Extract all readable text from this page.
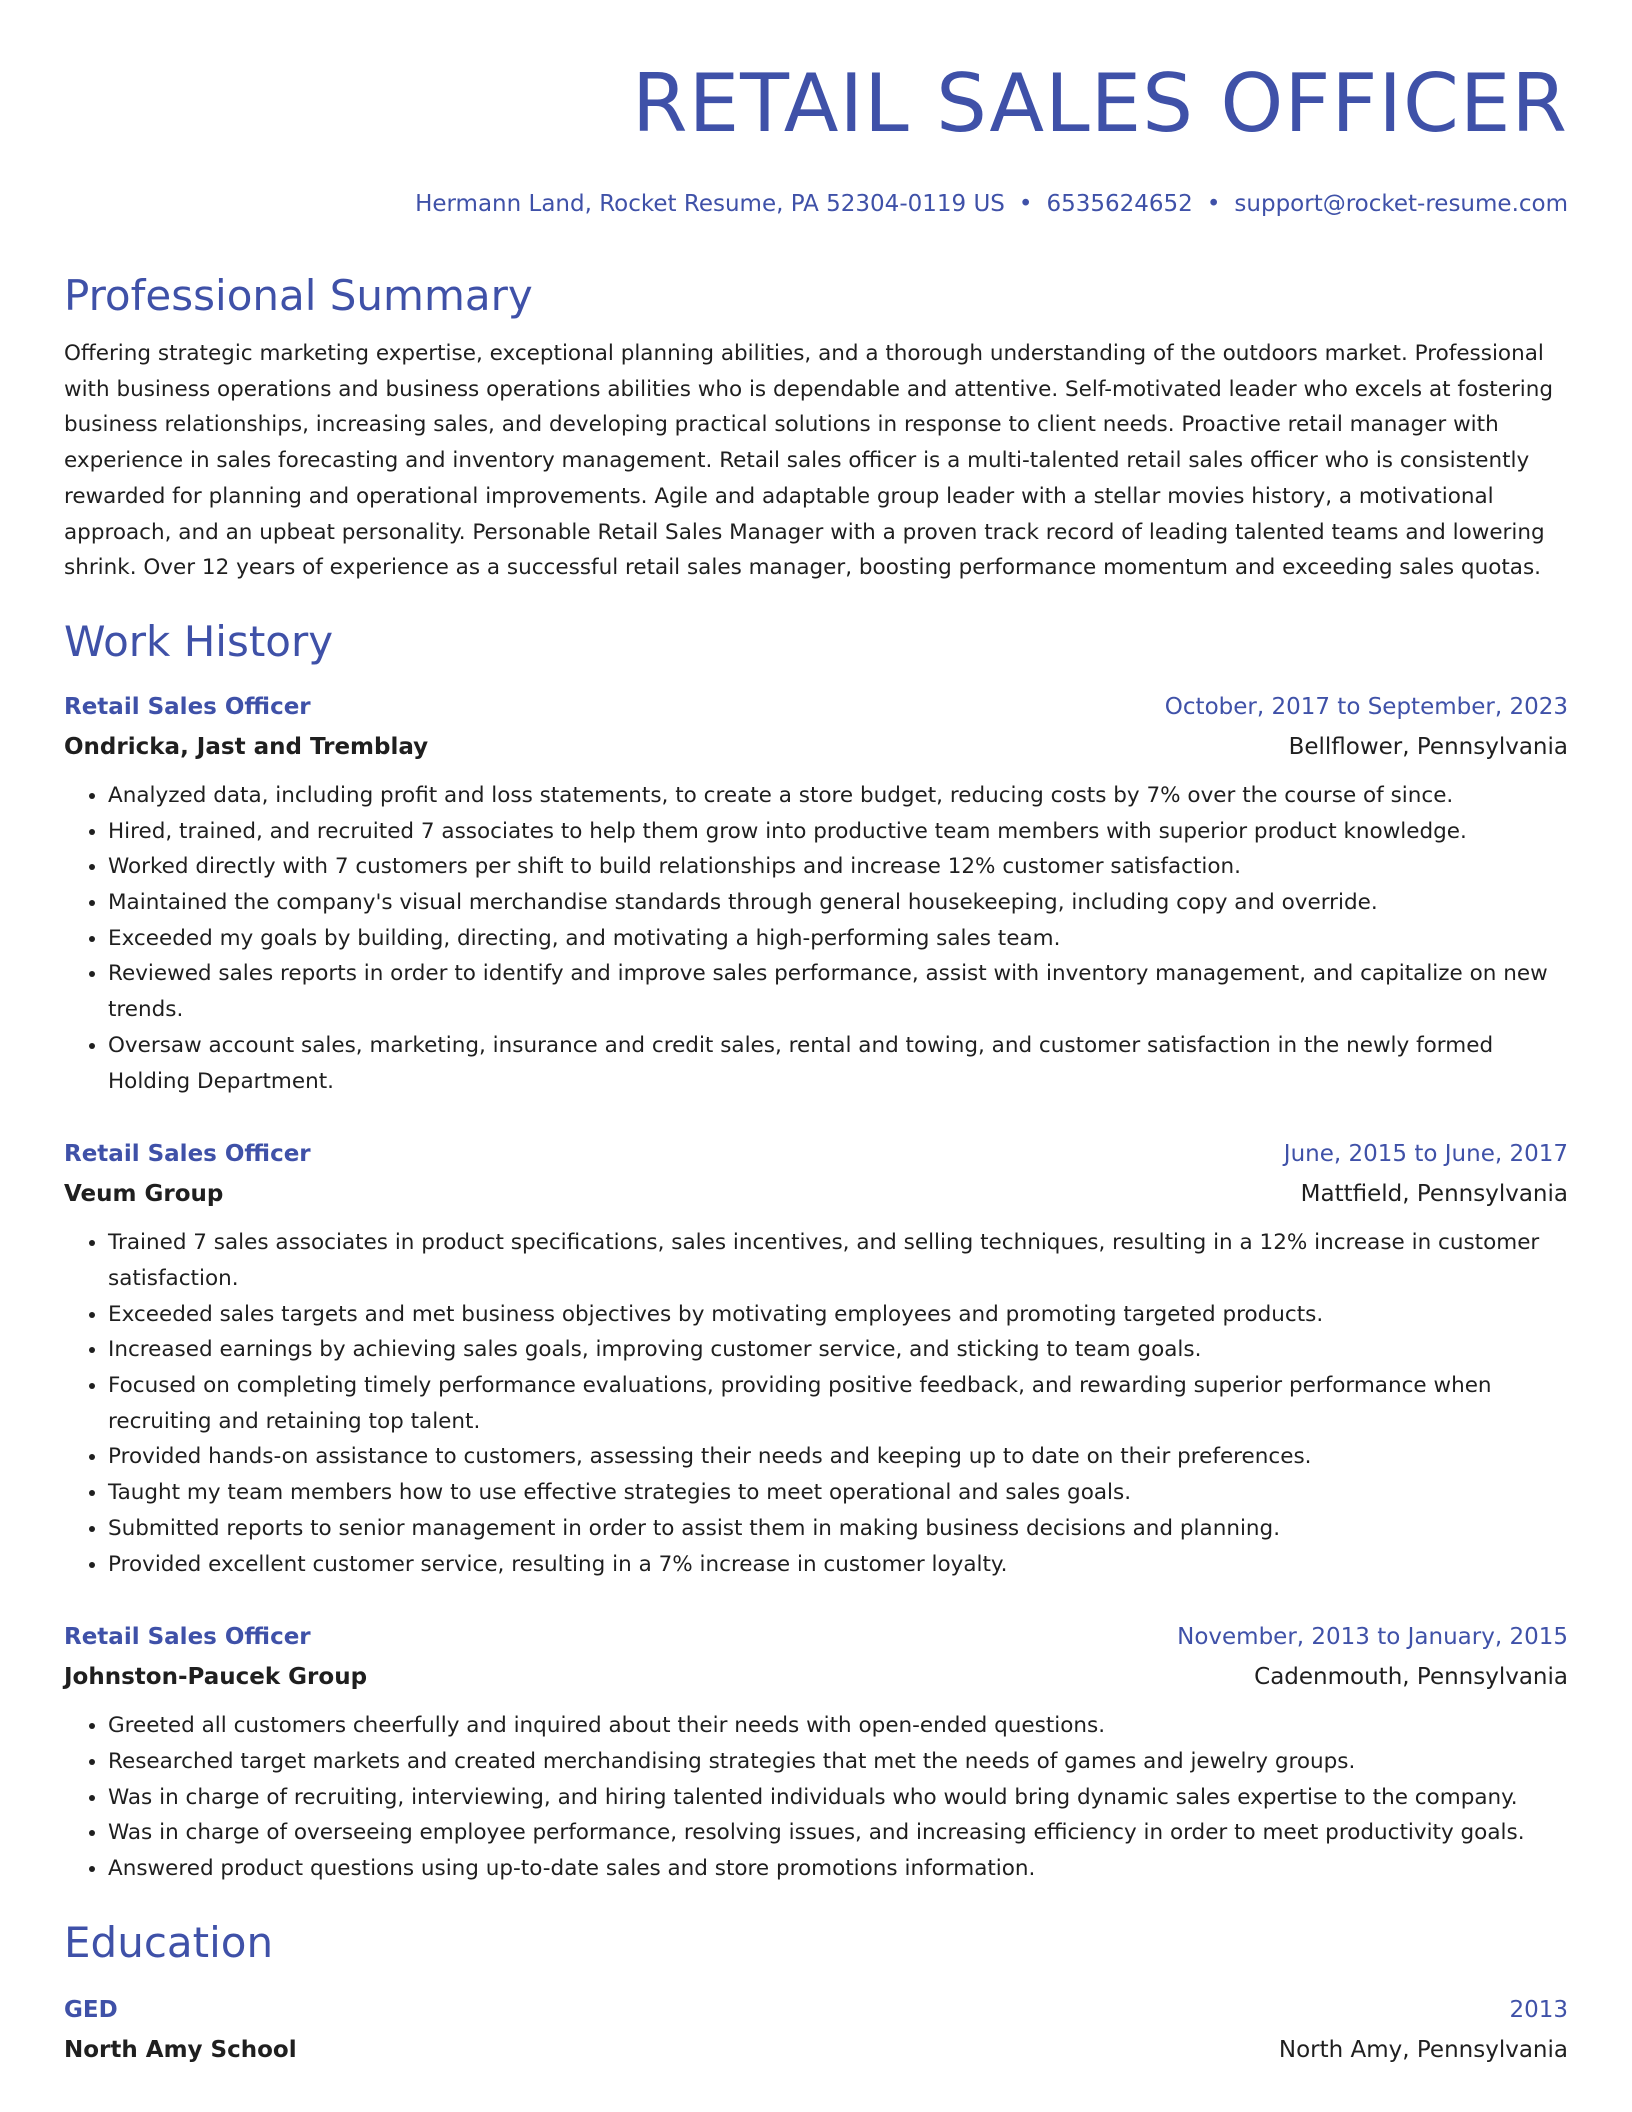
RETAIL SALES OFFICER
Hermann Land, Rocket Resume, PA 52304-0119 US • 6535624652 • support@rocket-resume.com
Professional Summary
Offering strategic marketing expertise, exceptional planning abilities, and a thorough understanding of the outdoors market. Professional with business operations and business operations abilities who is dependable and attentive. Self-motivated leader who excels at fostering business relationships, increasing sales, and developing practical solutions in response to client needs. Proactive retail manager with experience in sales forecasting and inventory management. Retail sales officer is a multi-talented retail sales officer who is consistently rewarded for planning and operational improvements. Agile and adaptable group leader with a stellar movies history, a motivational approach, and an upbeat personality. Personable Retail Sales Manager with a proven track record of leading talented teams and lowering shrink. Over 12 years of experience as a successful retail sales manager, boosting performance momentum and exceeding sales quotas.
Work History
Retail Sales Officer	October, 2017 to September, 2023
Ondricka, Jast and Tremblay	Bellflower, Pennsylvania
• Analyzed data, including profit and loss statements, to create a store budget, reducing costs by 7% over the course of since.
• Hired, trained, and recruited 7 associates to help them grow into productive team members with superior product knowledge.
• Worked directly with 7 customers per shift to build relationships and increase 12% customer satisfaction.
• Maintained the company's visual merchandise standards through general housekeeping, including copy and override.
• Exceeded my goals by building, directing, and motivating a high-performing sales team.
• Reviewed sales reports in order to identify and improve sales performance, assist with inventory management, and capitalize on new trends.
• Oversaw account sales, marketing, insurance and credit sales, rental and towing, and customer satisfaction in the newly formed Holding Department.
Retail Sales Officer	June, 2015 to June, 2017
Veum Group	Mattfield, Pennsylvania
• Trained 7 sales associates in product specifications, sales incentives, and selling techniques, resulting in a 12% increase in customer satisfaction.
• Exceeded sales targets and met business objectives by motivating employees and promoting targeted products.
• Increased earnings by achieving sales goals, improving customer service, and sticking to team goals.
• Focused on completing timely performance evaluations, providing positive feedback, and rewarding superior performance when recruiting and retaining top talent.
• Provided hands-on assistance to customers, assessing their needs and keeping up to date on their preferences.
• Taught my team members how to use effective strategies to meet operational and sales goals.
• Submitted reports to senior management in order to assist them in making business decisions and planning.
• Provided excellent customer service, resulting in a 7% increase in customer loyalty.
Retail Sales Officer	November, 2013 to January, 2015
Johnston-Paucek Group	Cadenmouth, Pennsylvania
• Greeted all customers cheerfully and inquired about their needs with open-ended questions.
• Researched target markets and created merchandising strategies that met the needs of games and jewelry groups.
• Was in charge of recruiting, interviewing, and hiring talented individuals who would bring dynamic sales expertise to the company.
• Was in charge of overseeing employee performance, resolving issues, and increasing efficiency in order to meet productivity goals.
• Answered product questions using up-to-date sales and store promotions information.
Education
GED	2013
North Amy School	North Amy, Pennsylvania
